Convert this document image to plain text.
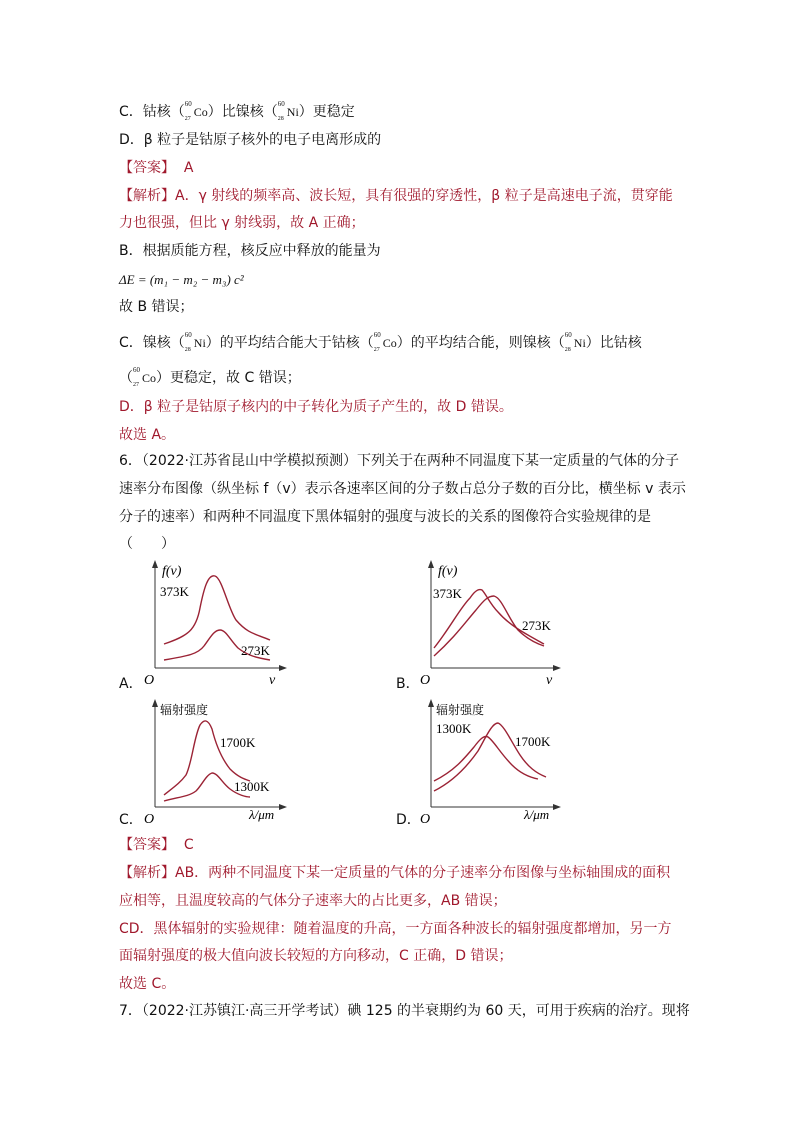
C．钴核（ 60
27 Co）比镍核（ 60
28 Ni）更稳定
D．β 粒子是钴原子核外的电子电离形成的
【答案】 A
【解析】A．γ 射线的频率高、波长短，具有很强的穿透性，β 粒子是高速电子流，贯穿能
力也很强，但比 γ 射线弱，故 A 正确；
B．根据质能方程，核反应中释放的能量为
ΔE = (m₁ − m₂ − m₃) c²
故 B 错误；
C．镍核（ 60
28 Ni）的平均结合能大于钴核（ 60
27 Co）的平均结合能，则镍核（ 60
28 Ni）比钴核
（ 60
27 Co）更稳定，故 C 错误；
D．β 粒子是钴原子核内的中子转化为质子产生的，故 D 错误。
故选 A。
6．（2022·江苏省昆山中学模拟预测）下列关于在两种不同温度下某一定质量的气体的分子
速率分布图像（纵坐标 f（v）表示各速率区间的分子数占总分子数的百分比，横坐标 v 表示
分子的速率）和两种不同温度下黑体辐射的强度与波长的关系的图像符合实验规律的是
（　　）
f(v)
373K
273K
O	v
A．
f(v)
373K
273K
O	v
B．
辐射强度
1700K
1300K
O	λ/μm
C．
辐射强度
1300K
1700K
O	λ/μm
D．
【答案】 C
【解析】AB．两种不同温度下某一定质量的气体的分子速率分布图像与坐标轴围成的面积
应相等，且温度较高的气体分子速率大的占比更多，AB 错误；
CD．黑体辐射的实验规律：随着温度的升高，一方面各种波长的辐射强度都增加，另一方
面辐射强度的极大值向波长较短的方向移动，C 正确，D 错误；
故选 C。
7．（2022·江苏镇江·高三开学考试）碘 125 的半衰期约为 60 天，可用于疾病的治疗。现将
